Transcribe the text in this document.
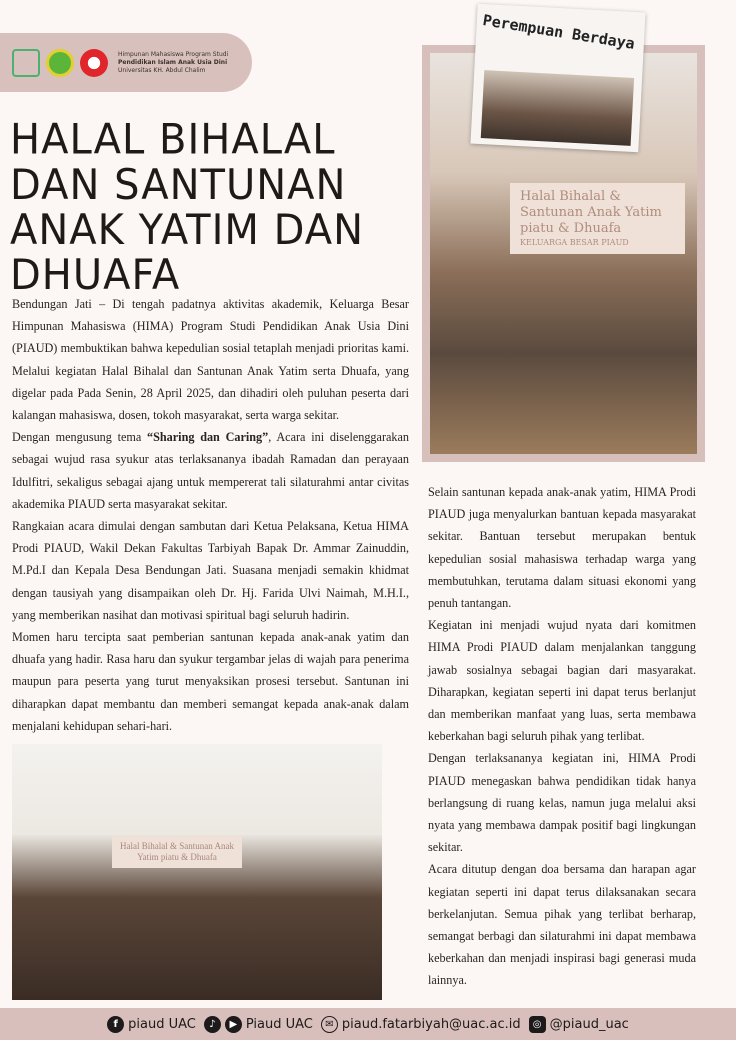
Himpunan Mahasiswa Program Studi
Pendidikan Islam Anak Usia Dini
Universitas KH. Abdul Chalim
HALAL BIHALAL DAN SANTUNAN ANAK YATIM DAN DHUAFA

Bendungan Jati – Di tengah padatnya aktivitas akademik, Keluarga Besar Himpunan Mahasiswa (HIMA) Program Studi Pendidikan Anak Usia Dini (PIAUD) membuktikan bahwa kepedulian sosial tetaplah menjadi prioritas kami. Melalui kegiatan Halal Bihalal dan Santunan Anak Yatim serta Dhuafa, yang digelar pada Pada Senin, 28 April 2025, dan dihadiri oleh puluhan peserta dari kalangan mahasiswa, dosen, tokoh masyarakat, serta warga sekitar.

Dengan mengusung tema “Sharing dan Caring”, Acara ini diselenggarakan sebagai wujud rasa syukur atas terlaksananya ibadah Ramadan dan perayaan Idulfitri, sekaligus sebagai ajang untuk mempererat tali silaturahmi antar civitas akademika PIAUD serta masyarakat sekitar.

Rangkaian acara dimulai dengan sambutan dari Ketua Pelaksana, Ketua HIMA Prodi PIAUD, Wakil Dekan Fakultas Tarbiyah Bapak Dr. Ammar Zainuddin, M.Pd.I dan Kepala Desa Bendungan Jati. Suasana menjadi semakin khidmat dengan tausiyah yang disampaikan oleh Dr. Hj. Farida Ulvi Naimah, M.H.I., yang memberikan nasihat dan motivasi spiritual bagi seluruh hadirin.

Momen haru tercipta saat pemberian santunan kepada anak-anak yatim dan dhuafa yang hadir. Rasa haru dan syukur tergambar jelas di wajah para penerima maupun para peserta yang turut menyaksikan prosesi tersebut. Santunan ini diharapkan dapat membantu dan memberi semangat kepada anak-anak dalam menjalani kehidupan sehari-hari.

Halal Bihalal & Santunan Anak Yatim piatu & Dhuafa
KELUARGA BESAR PIAUD
Perempuan Berdaya

Selain santunan kepada anak-anak yatim, HIMA Prodi PIAUD juga menyalurkan bantuan kepada masyarakat sekitar. Bantuan tersebut merupakan bentuk kepedulian sosial mahasiswa terhadap warga yang membutuhkan, terutama dalam situasi ekonomi yang penuh tantangan.

Kegiatan ini menjadi wujud nyata dari komitmen HIMA Prodi PIAUD dalam menjalankan tanggung jawab sosialnya sebagai bagian dari masyarakat. Diharapkan, kegiatan seperti ini dapat terus berlanjut dan memberikan manfaat yang luas, serta membawa keberkahan bagi seluruh pihak yang terlibat.

Dengan terlaksananya kegiatan ini, HIMA Prodi PIAUD menegaskan bahwa pendidikan tidak hanya berlangsung di ruang kelas, namun juga melalui aksi nyata yang membawa dampak positif bagi lingkungan sekitar.

Acara ditutup dengan doa bersama dan harapan agar kegiatan seperti ini dapat terus dilaksanakan secara berkelanjutan. Semua pihak yang terlibat berharap, semangat berbagi dan silaturahmi ini dapat membawa keberkahan dan menjadi inspirasi bagi generasi muda lainnya.

Halal Bihalal & Santunan Anak Yatim piatu & Dhuafa
f piaud UAC	♪	▶ Piaud UAC	✉ piaud.fatarbiyah@uac.ac.id	◎ @piaud_uac
